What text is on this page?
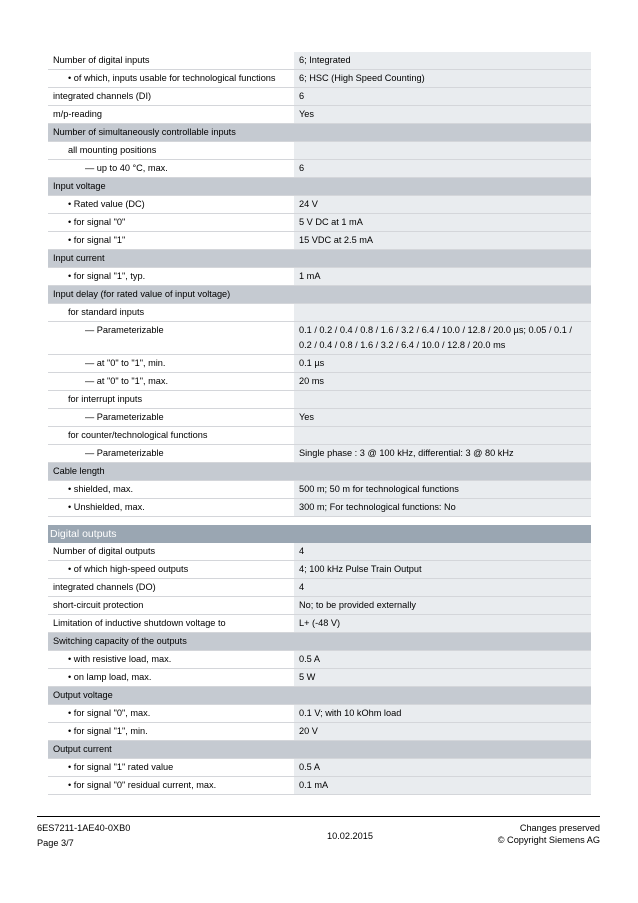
Number of digital inputs	6; Integrated
• of which, inputs usable for technological functions	6; HSC (High Speed Counting)
integrated channels (DI)	6
m/p-reading	Yes
Number of simultaneously controllable inputs
all mounting positions
— up to 40 °C, max.	6
Input voltage
• Rated value (DC)	24 V
• for signal "0"	5 V DC at 1 mA
• for signal "1"	15 VDC at 2.5 mA
Input current
• for signal "1", typ.	1 mA
Input delay (for rated value of input voltage)
for standard inputs
— Parameterizable	0.1 / 0.2 / 0.4 / 0.8 / 1.6 / 3.2 / 6.4 / 10.0 / 12.8 / 20.0 µs; 0.05 / 0.1 / 0.2 / 0.4 / 0.8 / 1.6 / 3.2 / 6.4 / 10.0 / 12.8 / 20.0 ms
— at "0" to "1", min.	0.1 µs
— at "0" to "1", max.	20 ms
for interrupt inputs
— Parameterizable	Yes
for counter/technological functions
— Parameterizable	Single phase : 3 @ 100 kHz, differential: 3 @ 80 kHz
Cable length
• shielded, max.	500 m; 50 m for technological functions
• Unshielded, max.	300 m; For technological functions: No
Digital outputs
Number of digital outputs	4
• of which high-speed outputs	4; 100 kHz Pulse Train Output
integrated channels (DO)	4
short-circuit protection	No; to be provided externally
Limitation of inductive shutdown voltage to	L+ (-48 V)
Switching capacity of the outputs
• with resistive load, max.	0.5 A
• on lamp load, max.	5 W
Output voltage
• for signal "0", max.	0.1 V; with 10 kOhm load
• for signal "1", min.	20 V
Output current
• for signal "1" rated value	0.5 A
• for signal "0" residual current, max.	0.1 mA
6ES7211-1AE40-0XB0
Page 3/7
10.02.2015
Changes preserved
© Copyright Siemens AG
